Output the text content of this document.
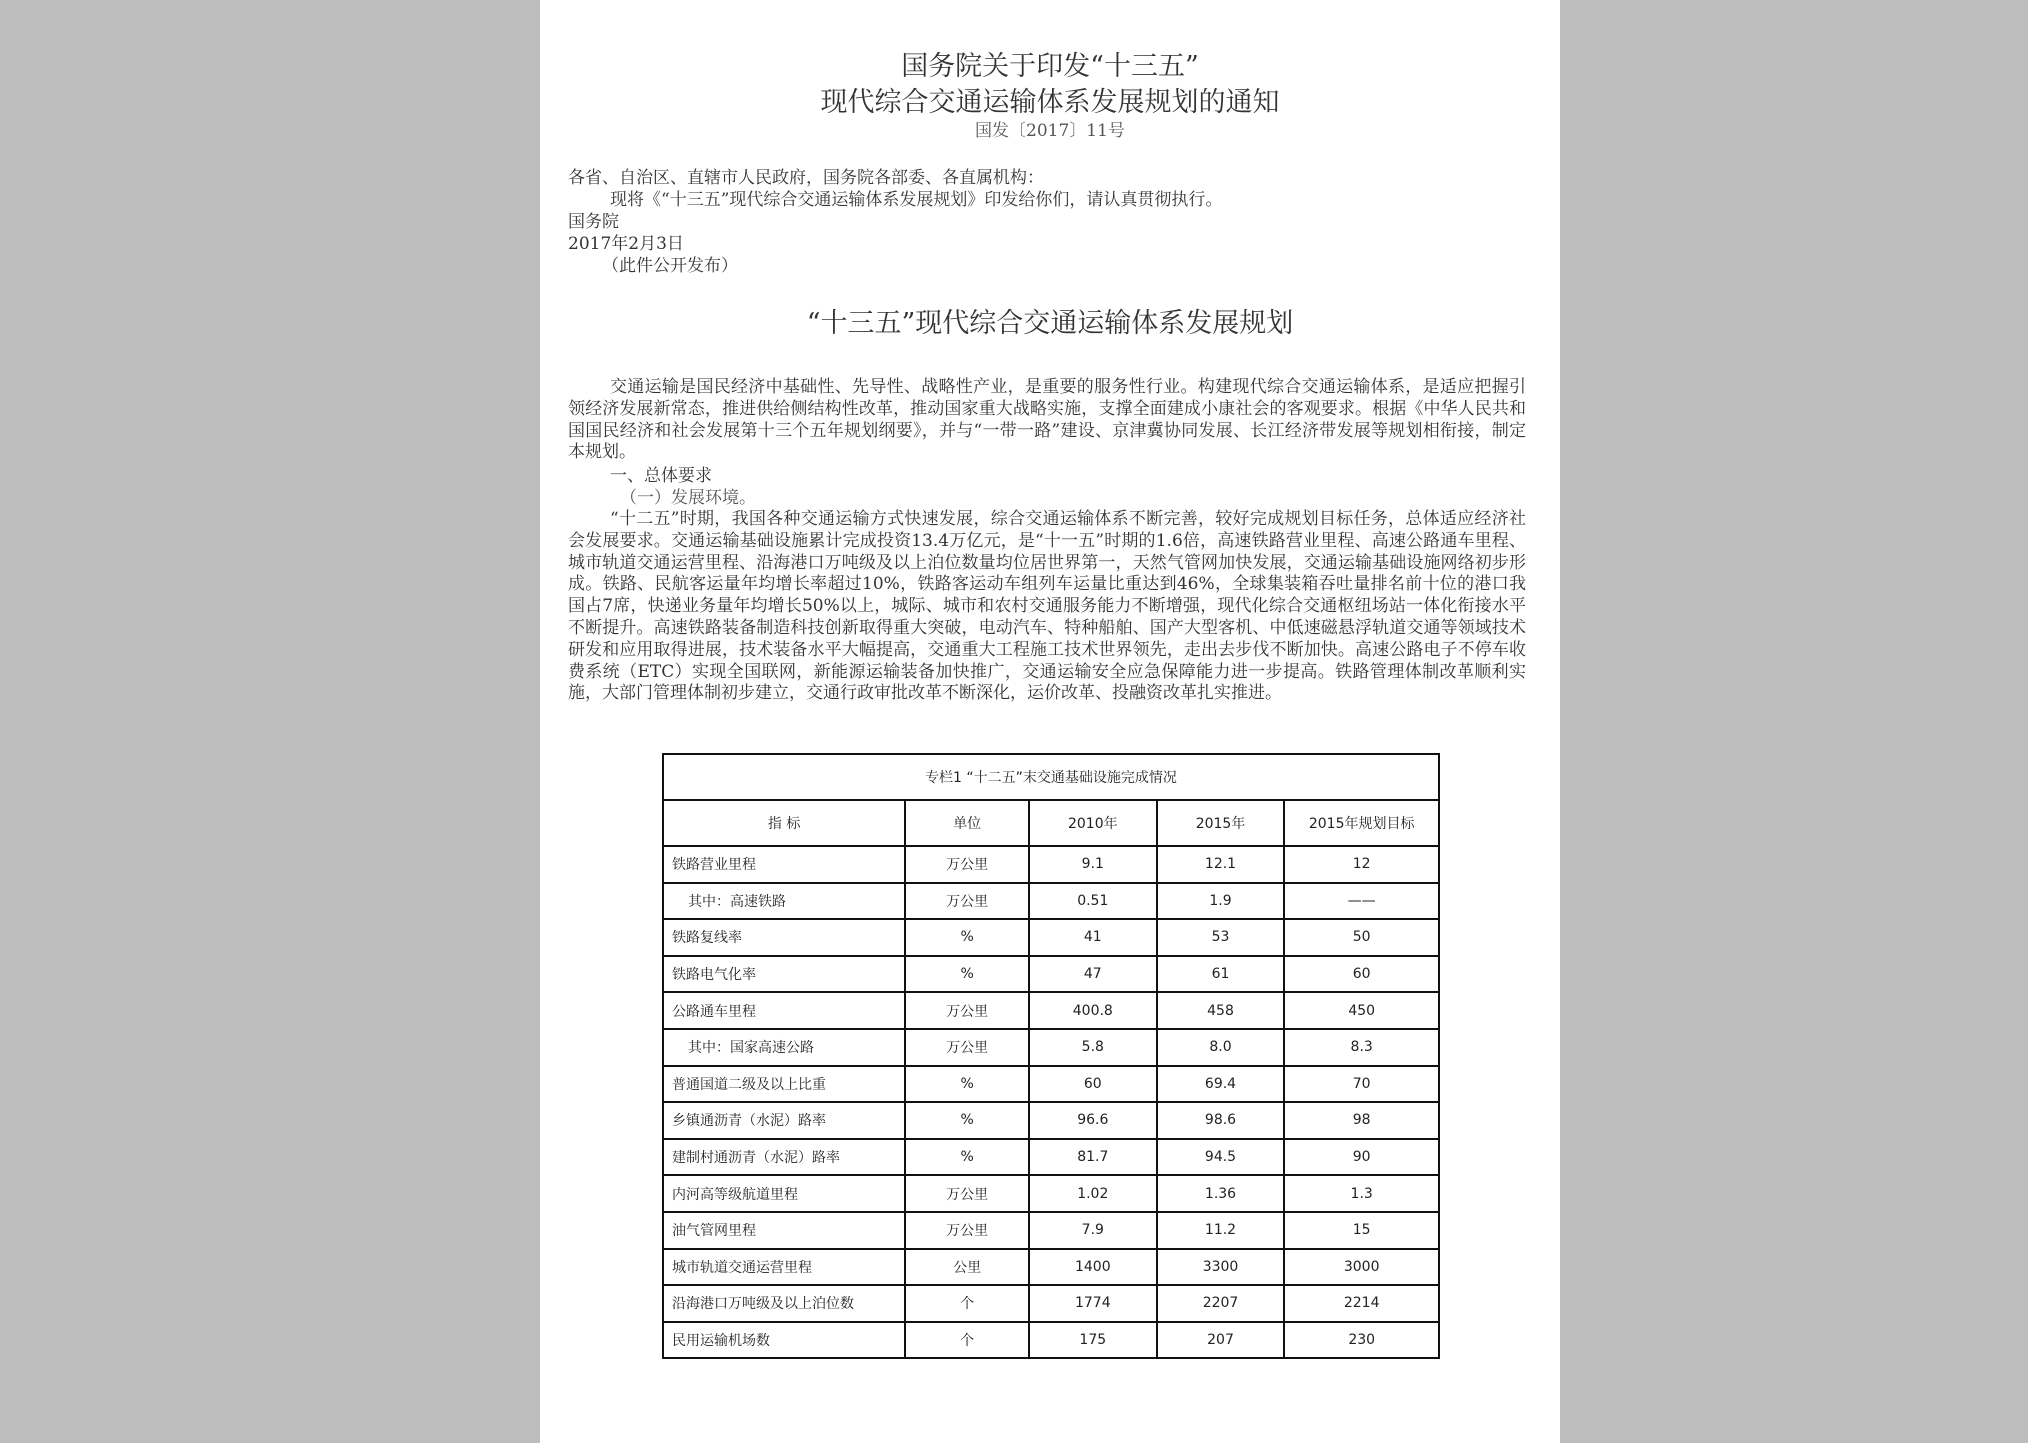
国务院关于印发“十三五”
现代综合交通运输体系发展规划的通知
国发〔2017〕11号
各省、自治区、直辖市人民政府，国务院各部委、各直属机构：
现将《“十三五”现代综合交通运输体系发展规划》印发给你们，请认真贯彻执行。
国务院
2017年2月3日
（此件公开发布）
“十三五”现代综合交通运输体系发展规划
交通运输是国民经济中基础性、先导性、战略性产业，是重要的服务性行业。构建现代综合交通运输体系，是适应把握引领经济发展新常态，推进供给侧结构性改革，推动国家重大战略实施，支撑全面建成小康社会的客观要求。根据《中华人民共和国国民经济和社会发展第十三个五年规划纲要》，并与“一带一路”建设、京津冀协同发展、长江经济带发展等规划相衔接，制定本规划。
一、总体要求
（一）发展环境。
“十二五”时期，我国各种交通运输方式快速发展，综合交通运输体系不断完善，较好完成规划目标任务，总体适应经济社会发展要求。交通运输基础设施累计完成投资13.4万亿元，是“十一五”时期的1.6倍，高速铁路营业里程、高速公路通车里程、城市轨道交通运营里程、沿海港口万吨级及以上泊位数量均位居世界第一，天然气管网加快发展，交通运输基础设施网络初步形成。铁路、民航客运量年均增长率超过10%，铁路客运动车组列车运量比重达到46%，全球集装箱吞吐量排名前十位的港口我国占7席，快递业务量年均增长50%以上，城际、城市和农村交通服务能力不断增强，现代化综合交通枢纽场站一体化衔接水平不断提升。高速铁路装备制造科技创新取得重大突破，电动汽车、特种船舶、国产大型客机、中低速磁悬浮轨道交通等领域技术研发和应用取得进展，技术装备水平大幅提高，交通重大工程施工技术世界领先，走出去步伐不断加快。高速公路电子不停车收费系统（ETC）实现全国联网，新能源运输装备加快推广，交通运输安全应急保障能力进一步提高。铁路管理体制改革顺利实施，大部门管理体制初步建立，交通行政审批改革不断深化，运价改革、投融资改革扎实推进。
专栏1 “十二五”末交通基础设施完成情况				
指 标	单位	2010年	2015年	2015年规划目标
铁路营业里程	万公里	9.1	12.1	12
其中：高速铁路	万公里	0.51	1.9	——
铁路复线率	%	41	53	50
铁路电气化率	%	47	61	60
公路通车里程	万公里	400.8	458	450
其中：国家高速公路	万公里	5.8	8.0	8.3
普通国道二级及以上比重	%	60	69.4	70
乡镇通沥青（水泥）路率	%	96.6	98.6	98
建制村通沥青（水泥）路率	%	81.7	94.5	90
内河高等级航道里程	万公里	1.02	1.36	1.3
油气管网里程	万公里	7.9	11.2	15
城市轨道交通运营里程	公里	1400	3300	3000
沿海港口万吨级及以上泊位数	个	1774	2207	2214
民用运输机场数	个	175	207	230
